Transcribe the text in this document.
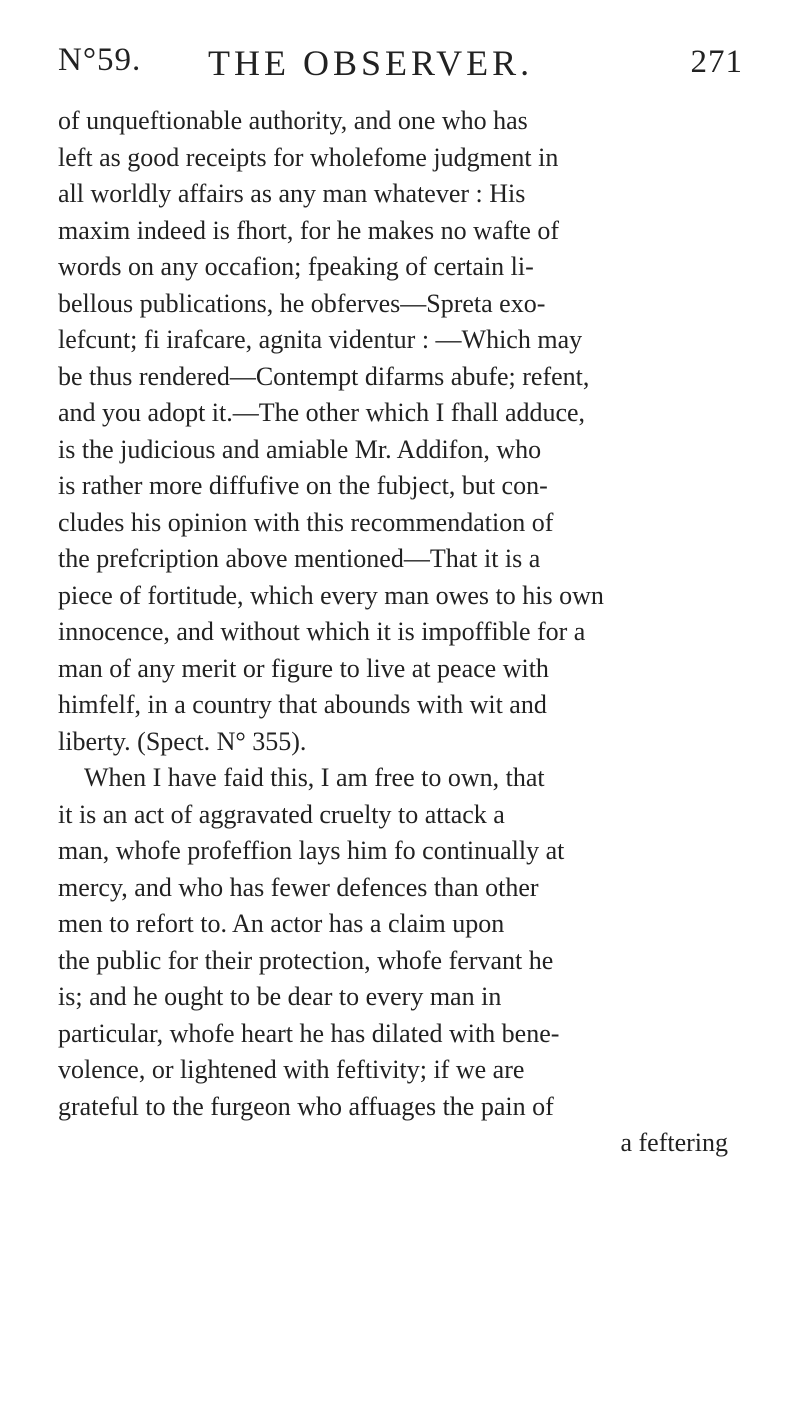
N°59. THE OBSERVER.	271
of unqueftionable authority, and one who has
left as good receipts for wholefome judgment in
all worldly affairs as any man whatever : His
maxim indeed is fhort, for he makes no wafte of
words on any occafion; fpeaking of certain li-
bellous publications, he obferves—Spreta exo-
lefcunt; fi irafcare, agnita videntur : —Which may
be thus rendered—Contempt difarms abufe; refent,
and you adopt it.—The other which I fhall adduce,
is the judicious and amiable Mr. Addifon, who
is rather more diffufive on the fubject, but con-
cludes his opinion with this recommendation of
the prefcription above mentioned—That it is a
piece of fortitude, which every man owes to his own
innocence, and without which it is impoffible for a
man of any merit or figure to live at peace with
himfelf, in a country that abounds with wit and
liberty. (Spect. N° 355).
When I have faid this, I am free to own, that
it is an act of aggravated cruelty to attack a
man, whofe profeffion lays him fo continually at
mercy, and who has fewer defences than other
men to refort to. An actor has a claim upon
the public for their protection, whofe fervant he
is; and he ought to be dear to every man in
particular, whofe heart he has dilated with bene-
volence, or lightened with feftivity; if we are
grateful to the furgeon who affuages the pain of
a feftering
